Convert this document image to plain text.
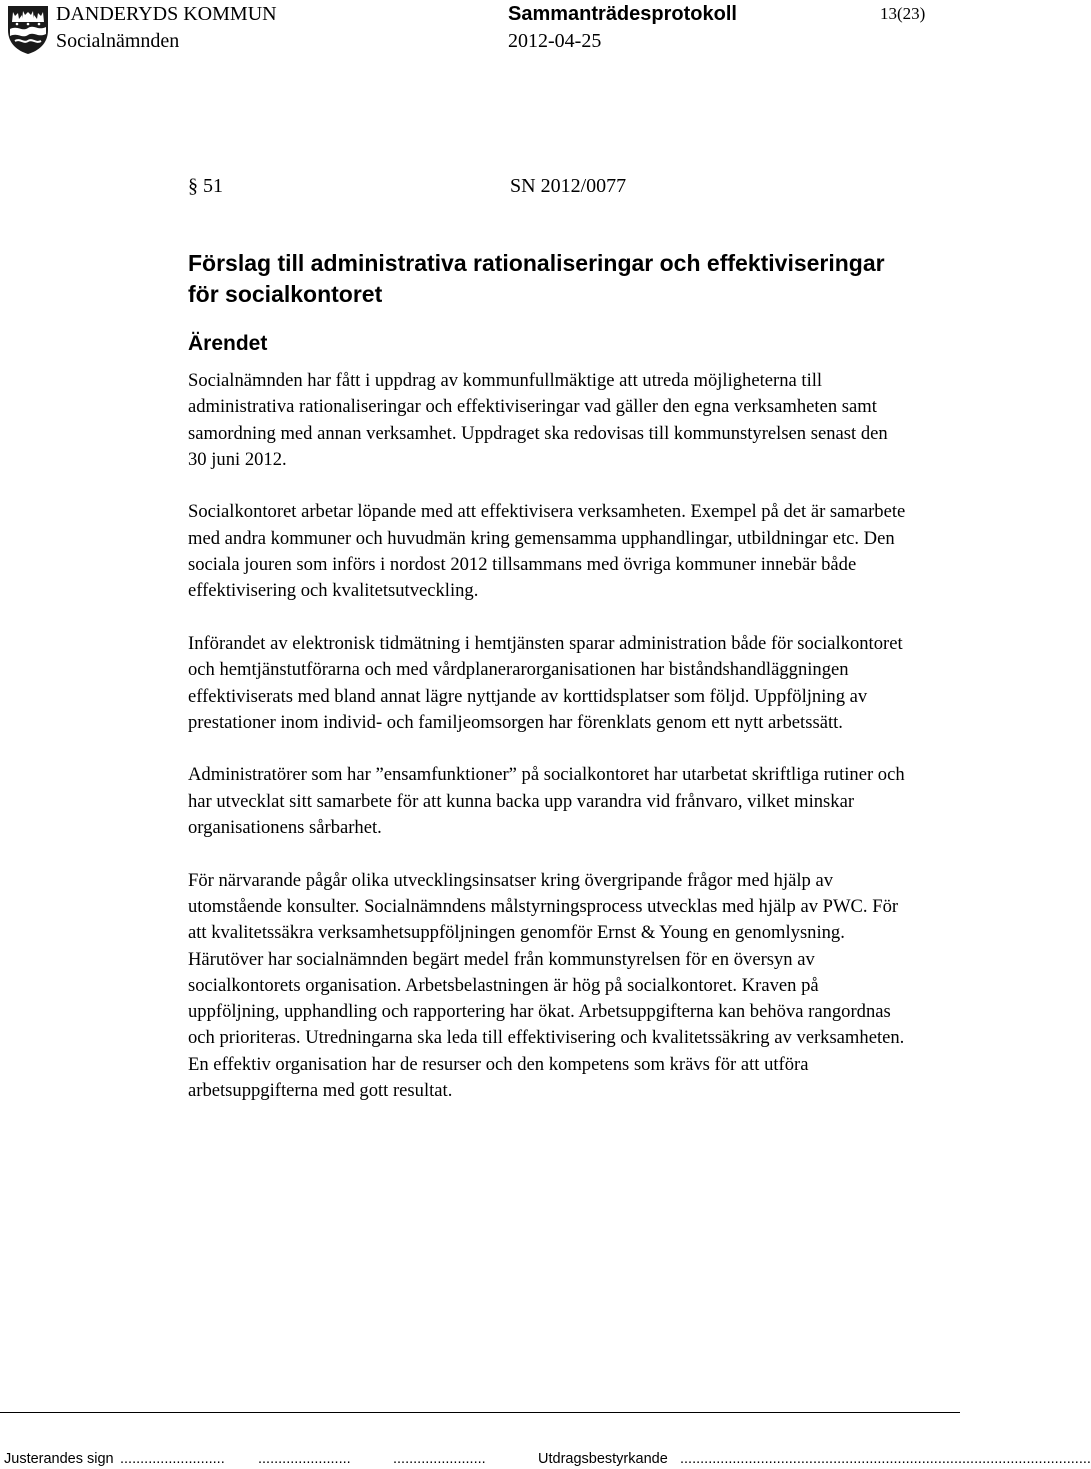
DANDERYDS KOMMUN	Sammanträdesprotokoll	13(23)
Socialnämnden	2012-04-25
§ 51	SN 2012/0077
Förslag till administrativa rationaliseringar och effektiviseringar för socialkontoret
Ärendet

Socialnämnden har fått i uppdrag av kommunfullmäktige att utreda möjligheterna till administrativa rationaliseringar och effektiviseringar vad gäller den egna verksamheten samt samordning med annan verksamhet. Uppdraget ska redovisas till kommunstyrelsen senast den 30 juni 2012.

Socialkontoret arbetar löpande med att effektivisera verksamheten. Exempel på det är samarbete med andra kommuner och huvudmän kring gemensamma upphandlingar, utbildningar etc. Den sociala jouren som införs i nordost 2012 tillsammans med övriga kommuner innebär både effektivisering och kvalitetsutveckling.

Införandet av elektronisk tidmätning i hemtjänsten sparar administration både för socialkontoret och hemtjänstutförarna och med vårdplanerarorganisationen har biståndshandläggningen effektiviserats med bland annat lägre nyttjande av korttidsplatser som följd. Uppföljning av prestationer inom individ- och familjeomsorgen har förenklats genom ett nytt arbetssätt.

Administratörer som har ”ensamfunktioner” på socialkontoret har utarbetat skriftliga rutiner och har utvecklat sitt samarbete för att kunna backa upp varandra vid frånvaro, vilket minskar organisationens sårbarhet.

För närvarande pågår olika utvecklingsinsatser kring övergripande frågor med hjälp av utomstående konsulter. Socialnämndens målstyrningsprocess utvecklas med hjälp av PWC. För att kvalitetssäkra verksamhetsuppföljningen genomför Ernst & Young en genomlysning. Härutöver har socialnämnden begärt medel från kommunstyrelsen för en översyn av socialkontorets organisation. Arbetsbelastningen är hög på socialkontoret. Kraven på uppföljning, upphandling och rapportering har ökat. Arbetsuppgifterna kan behöva rangordnas och prioriteras. Utredningarna ska leda till effektivisering och kvalitetssäkring av verksamheten. En effektiv organisation har de resurser och den kompetens som krävs för att utföra arbetsuppgifterna med gott resultat.

Justerandes sign .......................... .......................	.......................	Utdragsbestyrkande ......................................................................................................
